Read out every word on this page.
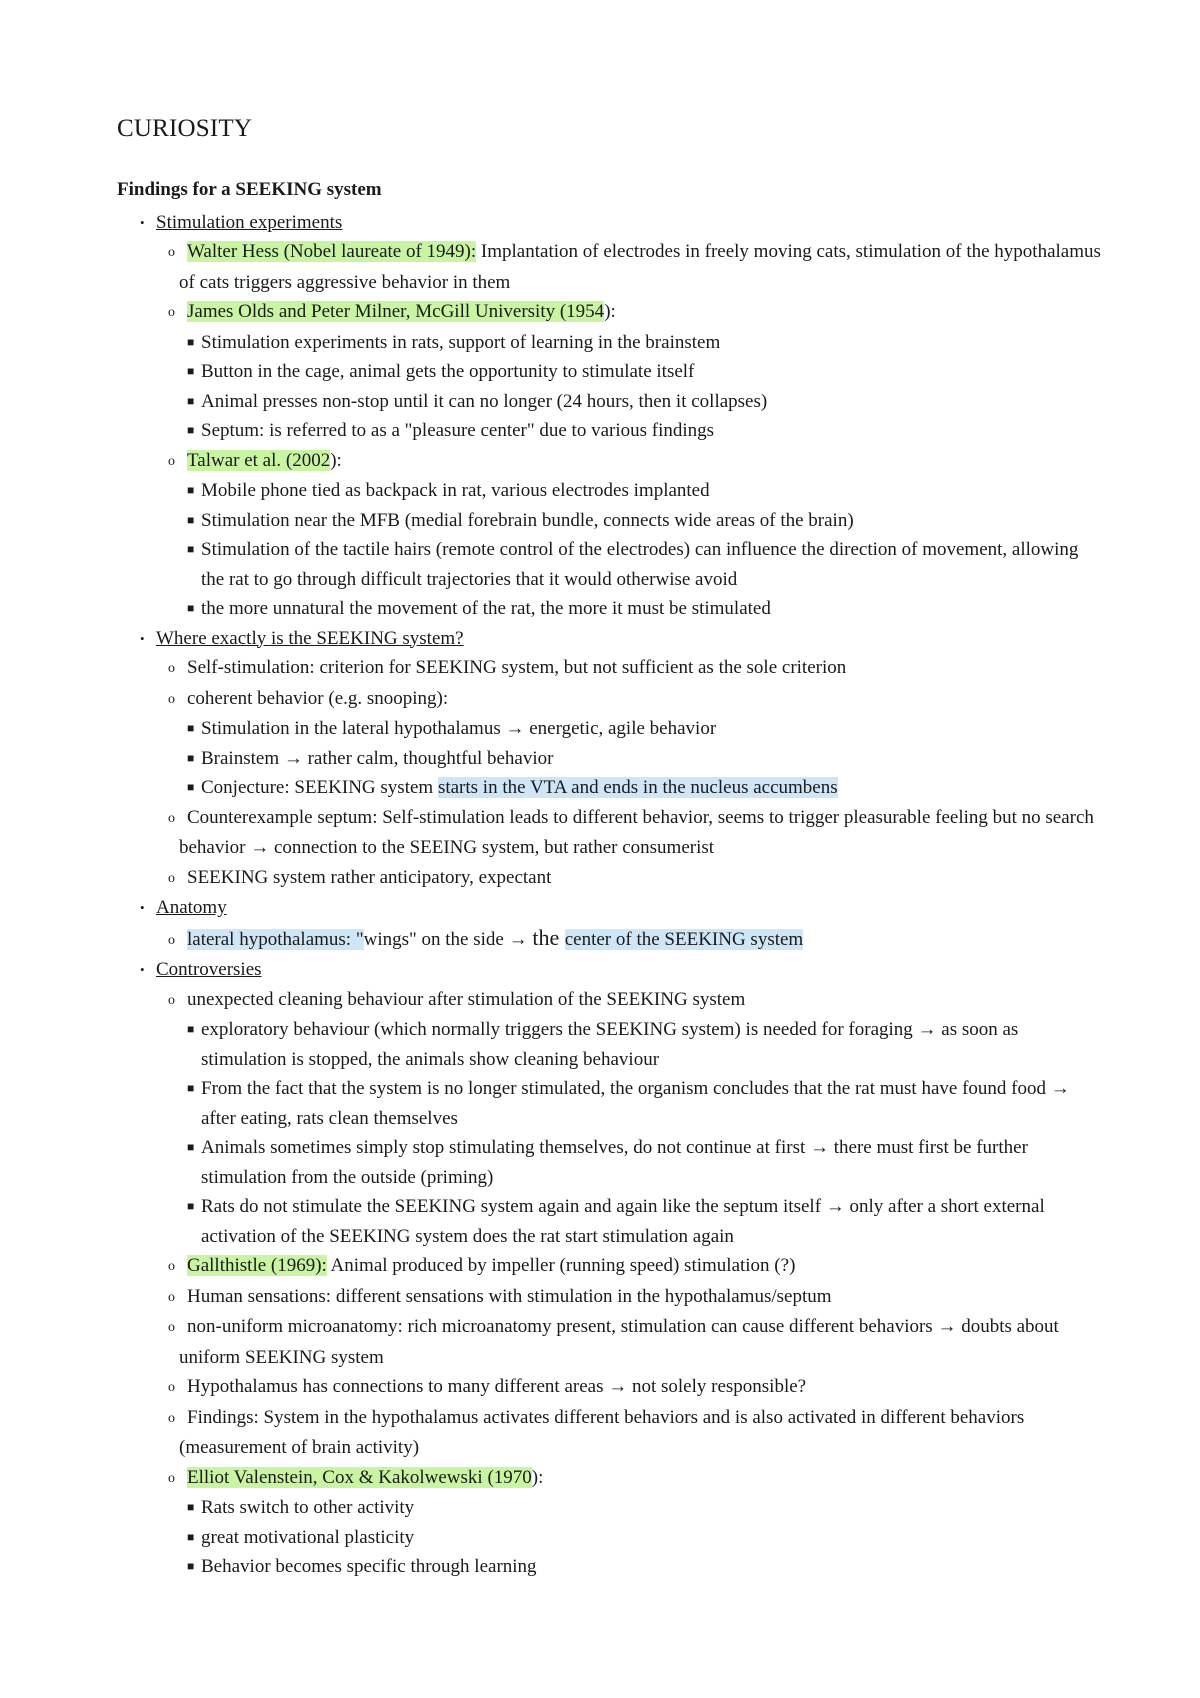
CURIOSITY
Findings for a SEEKING system
• Stimulation experiments
o Walter Hess (Nobel laureate of 1949): Implantation of electrodes in freely moving cats, stimulation of the hypothalamus of cats triggers aggressive behavior in them
o James Olds and Peter Milner, McGill University (1954):
■ Stimulation experiments in rats, support of learning in the brainstem
■ Button in the cage, animal gets the opportunity to stimulate itself
■ Animal presses non-stop until it can no longer (24 hours, then it collapses)
■ Septum: is referred to as a "pleasure center" due to various findings
o Talwar et al. (2002):
■ Mobile phone tied as backpack in rat, various electrodes implanted
■ Stimulation near the MFB (medial forebrain bundle, connects wide areas of the brain)
■ Stimulation of the tactile hairs (remote control of the electrodes) can influence the direction of movement, allowing the rat to go through difficult trajectories that it would otherwise avoid
■ the more unnatural the movement of the rat, the more it must be stimulated
• Where exactly is the SEEKING system?
o Self-stimulation: criterion for SEEKING system, but not sufficient as the sole criterion
o coherent behavior (e.g. snooping):
■ Stimulation in the lateral hypothalamus → energetic, agile behavior
■ Brainstem → rather calm, thoughtful behavior
■ Conjecture: SEEKING system starts in the VTA and ends in the nucleus accumbens
o Counterexample septum: Self-stimulation leads to different behavior, seems to trigger pleasurable feeling but no search behavior → connection to the SEEING system, but rather consumerist
o SEEKING system rather anticipatory, expectant
• Anatomy
o lateral hypothalamus: "wings" on the side → the center of the SEEKING system
• Controversies
o unexpected cleaning behaviour after stimulation of the SEEKING system
■ exploratory behaviour (which normally triggers the SEEKING system) is needed for foraging → as soon as stimulation is stopped, the animals show cleaning behaviour
■ From the fact that the system is no longer stimulated, the organism concludes that the rat must have found food → after eating, rats clean themselves
■ Animals sometimes simply stop stimulating themselves, do not continue at first → there must first be further stimulation from the outside (priming)
■ Rats do not stimulate the SEEKING system again and again like the septum itself → only after a short external activation of the SEEKING system does the rat start stimulation again
o Gallthistle (1969): Animal produced by impeller (running speed) stimulation (?)
o Human sensations: different sensations with stimulation in the hypothalamus/septum
o non-uniform microanatomy: rich microanatomy present, stimulation can cause different behaviors → doubts about uniform SEEKING system
o Hypothalamus has connections to many different areas → not solely responsible?
o Findings: System in the hypothalamus activates different behaviors and is also activated in different behaviors (measurement of brain activity)
o Elliot Valenstein, Cox & Kakolwewski (1970):
■ Rats switch to other activity
■ great motivational plasticity
■ Behavior becomes specific through learning
